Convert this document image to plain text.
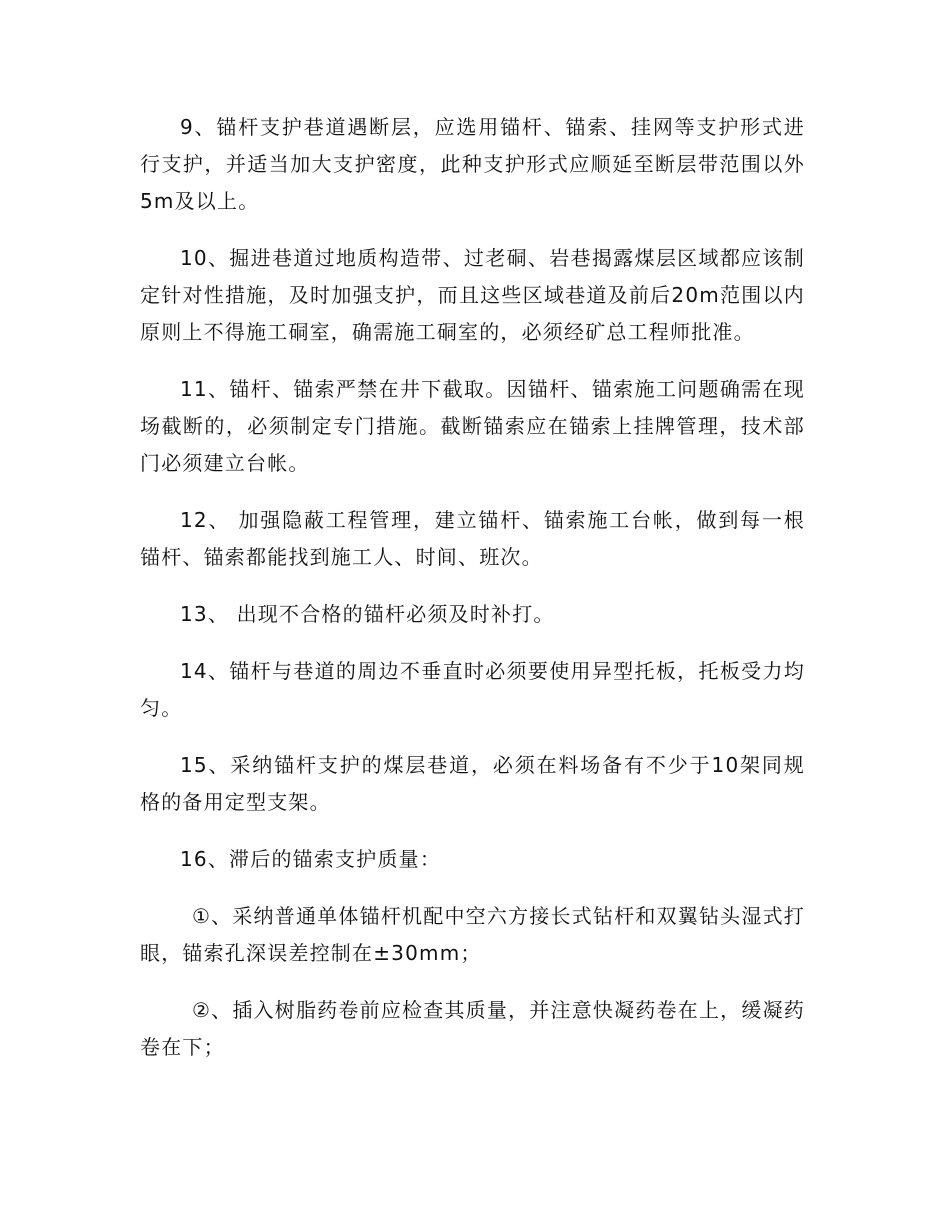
9、锚杆支护巷道遇断层，应选用锚杆、锚索、挂网等支护形式进行支护，并适当加大支护密度，此种支护形式应顺延至断层带范围以外5m及以上。

10、掘进巷道过地质构造带、过老硐、岩巷揭露煤层区域都应该制定针对性措施，及时加强支护，而且这些区域巷道及前后20m范围以内原则上不得施工硐室，确需施工硐室的，必须经矿总工程师批准。

11、锚杆、锚索严禁在井下截取。因锚杆、锚索施工问题确需在现场截断的，必须制定专门措施。截断锚索应在锚索上挂牌管理，技术部门必须建立台帐。

12、 加强隐蔽工程管理，建立锚杆、锚索施工台帐，做到每一根锚杆、锚索都能找到施工人、时间、班次。

13、 出现不合格的锚杆必须及时补打。

14、锚杆与巷道的周边不垂直时必须要使用异型托板，托板受力均匀。

15、采纳锚杆支护的煤层巷道，必须在料场备有不少于10架同规格的备用定型支架。

16、滞后的锚索支护质量：

①、采纳普通单体锚杆机配中空六方接长式钻杆和双翼钻头湿式打眼，锚索孔深误差控制在±30mm；

②、插入树脂药卷前应检查其质量，并注意快凝药卷在上，缓凝药卷在下；
